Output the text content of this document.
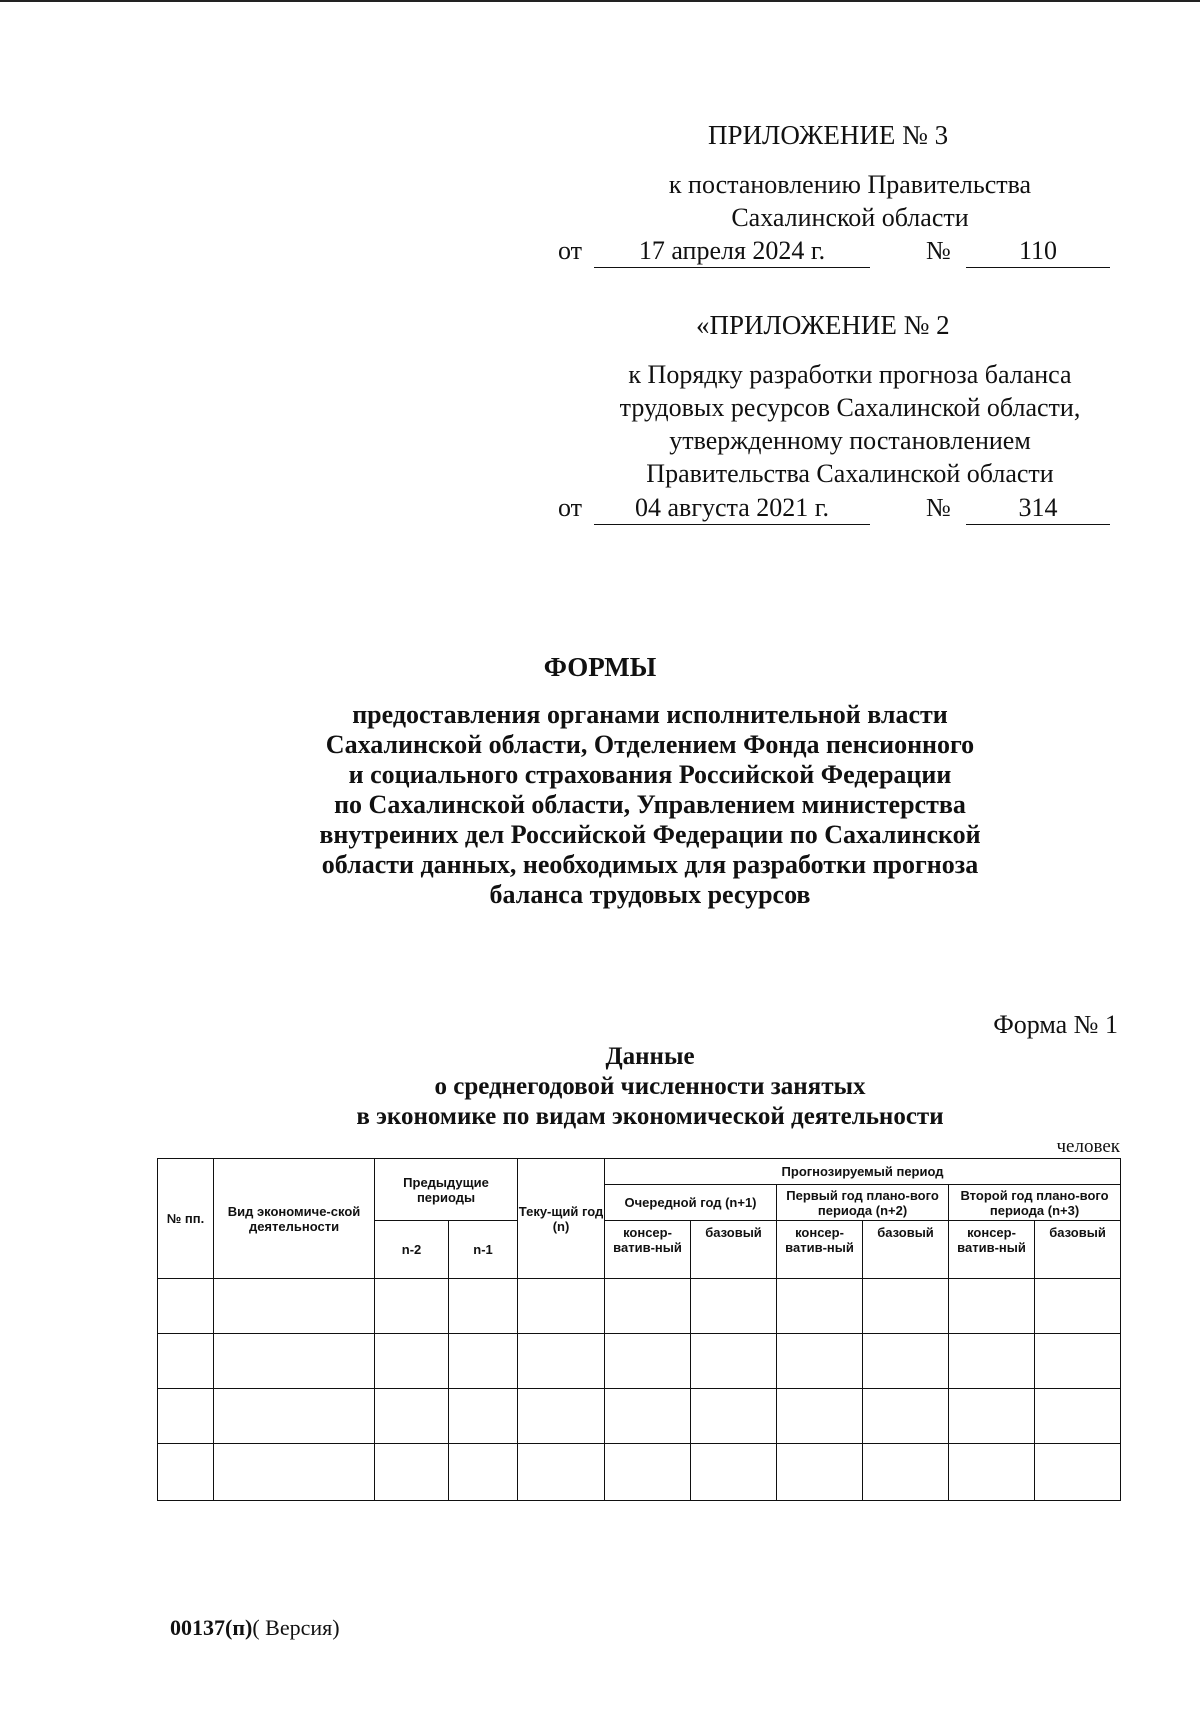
ПРИЛОЖЕНИЕ № 3
к постановлению Правительства
Сахалинской области
от	17 апреля 2024 г.	№	110
«ПРИЛОЖЕНИЕ № 2
к Порядку разработки прогноза баланса
трудовых ресурсов Сахалинской области,
утвержденному постановлением
Правительства Сахалинской области
от	04 августа 2021 г.	№	314
ФОРМЫ
предоставления органами исполнительной власти
Сахалинской области, Отделением Фонда пенсионного
и социального страхования Российской Федерации
по Сахалинской области, Управлением министерства
внутреиних дел Российской Федерации по Сахалинской
области данных, необходимых для разработки прогноза
баланса трудовых ресурсов
Форма № 1
Данные
о среднегодовой численности занятых
в экономике по видам экономической деятельности
человек
№ пп.	Вид экономиче-ской деятельности	Предыдущие периоды		Теку-щий год (n)	Прогнозируемый период					
					Очередной год (n+1)		Первый год плано-вого периода (n+2)		Второй год плано-вого периода (n+3)	
		n-2	n-1		консер-ватив-ный	базовый	консер-ватив-ный	базовый	консер-ватив-ный	базовый

00137(п)( Версия)
